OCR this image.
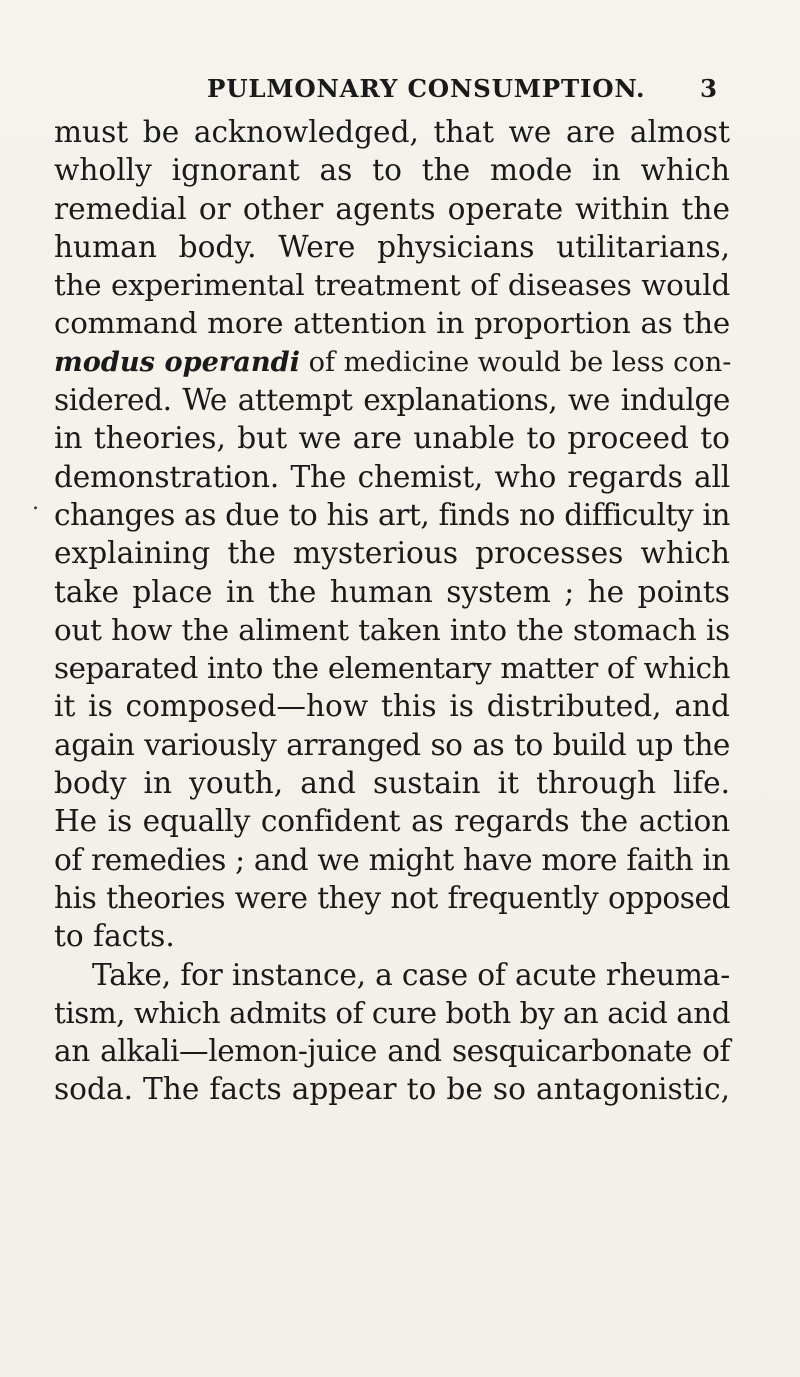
PULMONARY CONSUMPTION. 3
.
must be acknowledged, that we are almost
wholly ignorant as to the mode in which
remedial or other agents operate within the
human body. Were physicians utilitarians,
the experimental treatment of diseases would
command more attention in proportion as the
modus operandi of medicine would be less con-
sidered. We attempt explanations, we indulge
in theories, but we are unable to proceed to
demonstration. The chemist, who regards all
changes as due to his art, finds no difficulty in
explaining the mysterious processes which
take place in the human system ; he points
out how the aliment taken into the stomach is
separated into the elementary matter of which
it is composed—how this is distributed, and
again variously arranged so as to build up the
body in youth, and sustain it through life.
He is equally confident as regards the action
of remedies ; and we might have more faith in
his theories were they not frequently opposed
to facts.
Take, for instance, a case of acute rheuma-
tism, which admits of cure both by an acid and
an alkali—lemon-juice and sesquicarbonate of
soda. The facts appear to be so antagonistic,
